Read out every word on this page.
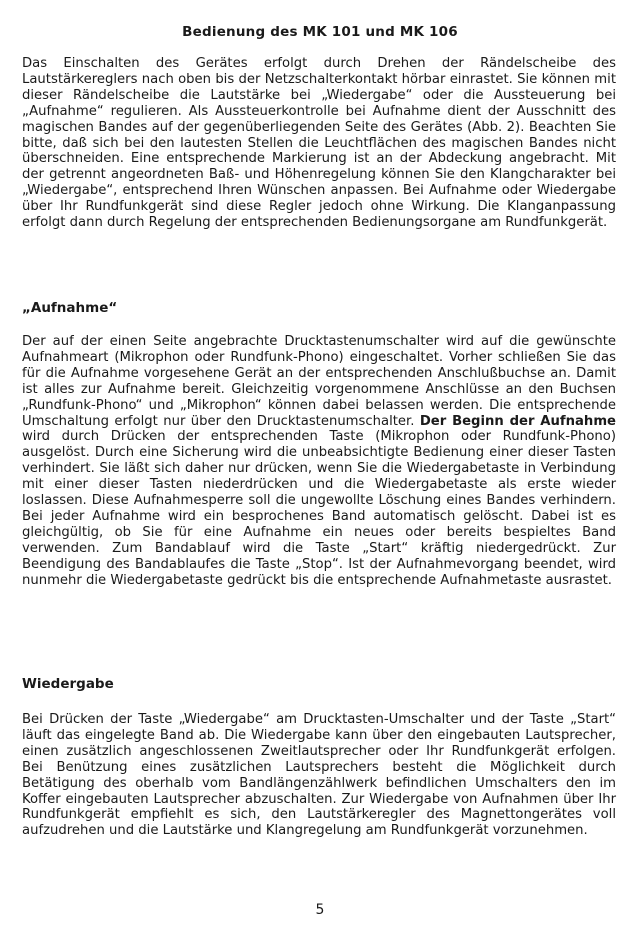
Bedienung des MK 101 und MK 106

Das Einschalten des Gerätes erfolgt durch Drehen der Rändelscheibe des Lautstärkereglers nach oben bis der Netzschalterkontakt hörbar einrastet. Sie können mit dieser Rändelscheibe die Lautstärke bei „Wiedergabe“ oder die Aussteuerung bei „Aufnahme“ regulieren. Als Aussteuerkontrolle bei Aufnahme dient der Ausschnitt des magischen Bandes auf der gegenüberliegenden Seite des Gerätes (Abb. 2). Beachten Sie bitte, daß sich bei den lautesten Stellen die Leuchtflächen des magischen Bandes nicht überschneiden. Eine entsprechende Markierung ist an der Abdeckung angebracht. Mit der getrennt angeordneten Baß- und Höhenregelung können Sie den Klangcharakter bei „Wiedergabe“, entsprechend Ihren Wünschen anpassen. Bei Aufnahme oder Wiedergabe über Ihr Rundfunkgerät sind diese Regler jedoch ohne Wirkung. Die Klanganpassung erfolgt dann durch Regelung der entsprechenden Bedienungsorgane am Rundfunkgerät.

„Aufnahme“

Der auf der einen Seite angebrachte Drucktastenumschalter wird auf die gewünschte Aufnahmeart (Mikrophon oder Rundfunk-Phono) eingeschaltet. Vorher schließen Sie das für die Aufnahme vorgesehene Gerät an der entsprechenden Anschlußbuchse an. Damit ist alles zur Aufnahme bereit. Gleichzeitig vorgenommene Anschlüsse an den Buchsen „Rundfunk-Phono“ und „Mikrophon“ können dabei belassen werden. Die entsprechende Umschaltung erfolgt nur über den Drucktastenumschalter. Der Beginn der Aufnahme wird durch Drücken der entsprechenden Taste (Mikrophon oder Rundfunk-Phono) ausgelöst. Durch eine Sicherung wird die unbeabsichtigte Bedienung einer dieser Tasten verhindert. Sie läßt sich daher nur drücken, wenn Sie die Wiedergabetaste in Verbindung mit einer dieser Tasten niederdrücken und die Wiedergabetaste als erste wieder loslassen. Diese Aufnahmesperre soll die ungewollte Löschung eines Bandes verhindern. Bei jeder Aufnahme wird ein besprochenes Band automatisch gelöscht. Dabei ist es gleichgültig, ob Sie für eine Aufnahme ein neues oder bereits bespieltes Band verwenden. Zum Bandablauf wird die Taste „Start“ kräftig niedergedrückt. Zur Beendigung des Bandablaufes die Taste „Stop“. Ist der Aufnahmevorgang beendet, wird nunmehr die Wiedergabetaste gedrückt bis die entsprechende Aufnahmetaste ausrastet.

Wiedergabe

Bei Drücken der Taste „Wiedergabe“ am Drucktasten-Umschalter und der Taste „Start“ läuft das eingelegte Band ab. Die Wiedergabe kann über den eingebauten Lautsprecher, einen zusätzlich angeschlossenen Zweitlautsprecher oder Ihr Rundfunkgerät erfolgen. Bei Benützung eines zusätzlichen Lautsprechers besteht die Möglichkeit durch Betätigung des oberhalb vom Bandlängenzählwerk befindlichen Umschalters den im Koffer eingebauten Lautsprecher abzuschalten. Zur Wiedergabe von Aufnahmen über Ihr Rundfunkgerät empfiehlt es sich, den Lautstärkeregler des Magnettongerätes voll aufzudrehen und die Lautstärke und Klangregelung am Rundfunkgerät vorzunehmen.

5
